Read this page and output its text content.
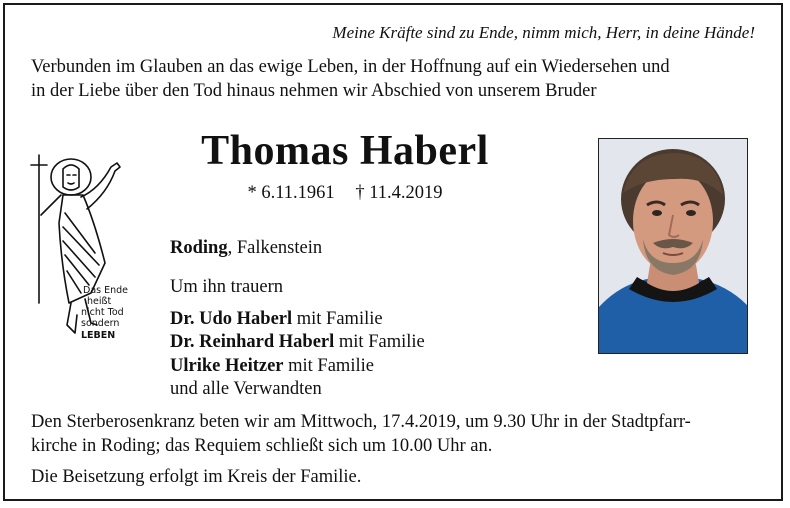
Meine Kräfte sind zu Ende, nimm mich, Herr, in deine Hände!
Verbunden im Glauben an das ewige Leben, in der Hoffnung auf ein Wiedersehen und
in der Liebe über den Tod hinaus nehmen wir Abschied von unserem Bruder
Das Ende
heißt
nicht Tod
sondern
LEBEN
Thomas Haberl
* 6.11.1961 † 11.4.2019
Roding, Falkenstein
Um ihn trauern
Dr. Udo Haberl mit Familie
Dr. Reinhard Haberl mit Familie
Ulrike Heitzer mit Familie
und alle Verwandten
Den Sterberosenkranz beten wir am Mittwoch, 17.4.2019, um 9.30 Uhr in der Stadtpfarr-
kirche in Roding; das Requiem schließt sich um 10.00 Uhr an.
Die Beisetzung erfolgt im Kreis der Familie.
